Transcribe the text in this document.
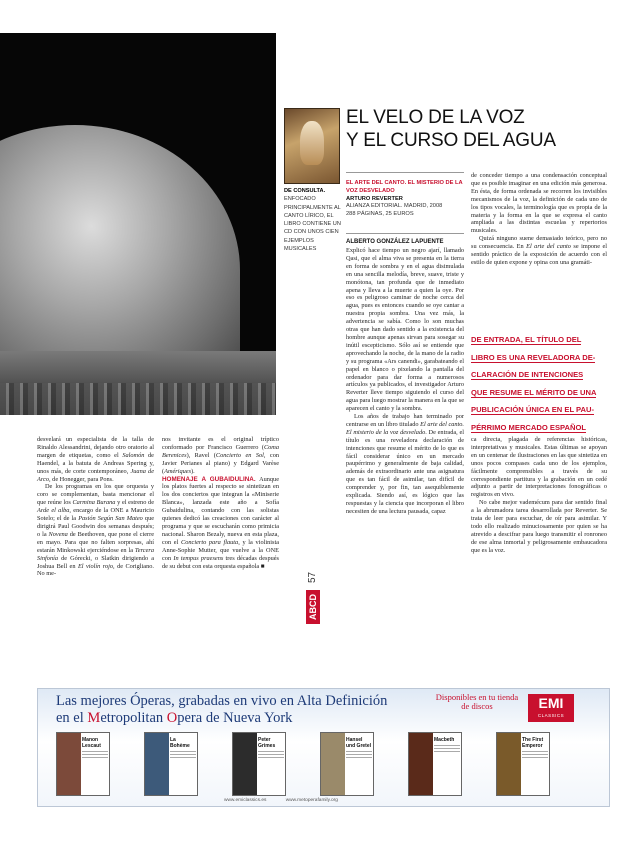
DE CONSULTA. ENFOCADO PRINCIPALMENTE AL CANTO LÍRICO, EL LIBRO CONTIENE UN CD CON UNOS CIEN EJEMPLOS MUSICALES
EL VELO DE LA VOZ
Y EL CURSO DEL AGUA
EL ARTE DEL CANTO. EL MISTERIO DE LA VOZ DESVELADO
ARTURO REVERTER
ALIANZA EDITORIAL. MADRID, 2008
288 PÁGINAS, 25 EUROS
ALBERTO GONZÁLEZ LAPUENTE

Explicó hace tiempo un negro ajarí, llamado Qasi, que el alma viva se presenta en la tierra en forma de sombra y en el agua disimulada en una sencilla melodía, breve, suave, triste y monótona, tan profunda que de inmediato apena y lleva a la muerte a quien la oye. Por eso es peligroso caminar de noche cerca del agua, pues es entonces cuando se oye cantar a nuestra propia sombra. Una vez más, la advertencia se sabía. Como lo son muchas otras que han dado sentido a la existencia del hombre aunque apenas sirvan para sosegar su inútil escepticismo. Sólo así se entiende que aprovechando la noche, de la mano de la radio y su programa «Ars canendi», garabateando el papel en blanco o pixelando la pantalla del ordenador para dar forma a numerosos artículos ya publicados, el investigador Arturo Reverter lleve tiempo siguiendo el curso del agua para luego mostrar la manera en la que se aparecen el canto y la sombra.

Los años de trabajo han terminado por centrarse en un libro titulado El arte del canto. El misterio de la voz desvelado. De entrada, el título es una reveladora declaración de intenciones que resume el mérito de lo que es fácil considerar único en un mercado paupérrimo y generalmente de baja calidad, además de extraordinario ante una asignatura que es tan fácil de asimilar, tan difícil de comprender y, por fin, tan asequiblemente explicada. Siendo así, es lógico que las respuestas y la ciencia que incorporan el libro necesiten de una lectura pausada, capaz

de conceder tiempo a una condensación conceptual que es posible imaginar en una edición más generosa. En ésta, de forma ordenada se recorren los invisibles mecanismos de la voz, la definición de cada uno de los tipos vocales, la terminología que es propia de la materia y la forma en la que se expresa el canto ampliada a las distintas escuelas y repertorios musicales.

Quizá ninguno suene demasiado teórico, pero no su consecuencia. En El arte del canto se impone el sentido práctico de la exposición de acuerdo con el estilo de quien expone y opina con una gramáti-

DE ENTRADA, EL TÍTULO DEL
LIBRO ES UNA REVELADORA DE-
CLARACIÓN DE INTENCIONES
QUE RESUME EL MÉRITO DE UNA
PUBLICACIÓN ÚNICA EN EL PAU-
PÉRRIMO MERCADO ESPAÑOL

ca directa, plagada de referencias históricas, interpretativas y musicales. Estas últimas se apoyan en un centenar de ilustraciones en las que sintetiza en unos pocos compases cada uno de los ejemplos, fácilmente comprensibles a través de su correspondiente partitura y la grabación en un cedé adjunto a partir de interpretaciones fonográficas o registros en vivo.

No cabe mejor vademécum para dar sentido final a la abrumadora tarea desarrollada por Reverter. Se trata de leer para escuchar, de oír para asimilar. Y todo ello realizado minuciosamente por quien se ha atrevido a descifrar para luego transmitir el ronroneo de ese alma inmortal y peligrosamente embaucadora que es la voz.

desvelará un especialista de la talla de Rinaldo Alessandrini, dejando otro oratorio al margen de etiquetas, como el Salomón de Haendel, a la batuta de Andreas Spering y, unos más, de corte contemporáneo, Juana de Arco, de Honegger, para Pons.

De los programas en los que orquesta y coro se complementan, basta mencionar el que reúne los Carmina Burana y el estreno de Arde el alba, encargo de la ONE a Mauricio Sotelo; el de la Pasión Según San Mateo que dirigirá Paul Goodwin dos semanas después; o la Novena de Beethoven, que pone el cierre en mayo. Para que no falten sorpresas, ahí estarán Minkowski ejerciéndose en la Tercera Sinfonía de Górecki, o Slatkin dirigiendo a Joshua Bell en El violín rojo, de Corigliano. No me-

nos invitante es el original tríptico conformado por Francisco Guerrero (Coma Berenices), Ravel (Concierto en Sol, con Javier Perianes al piano) y Edgard Varèse (Amériques).

HOMENAJE A GUBAIDULINA. Aunque los platos fuertes al respecto se sintetizan en los dos conciertos que integran la «Miniserie Blanca», lanzada este año a Sofía Gubaidulina, contando con las solistas quienes dedicó las creaciones con carácter al programa y que se escucharán como primicia nacional. Sharon Bezaly, nueva en esta plaza, con el Concierto para flauta, y la violinista Anne-Sophie Mutter, que vuelve a la ONE con In tempus praesens tres décadas después de su debut con esta orquesta española ■

57
ABCD
Las mejores Óperas, grabadas en vivo en Alta Definición
en el Metropolitan Opera de Nueva York
Disponibles en tu tienda de discos	EMI
CLASSICS
Manon Lescaut
La Bohème
Peter Grimes
Hansel und Gretel
Macbeth	The First Emperor
www.emiclassics.es www.metoperafamily.org
